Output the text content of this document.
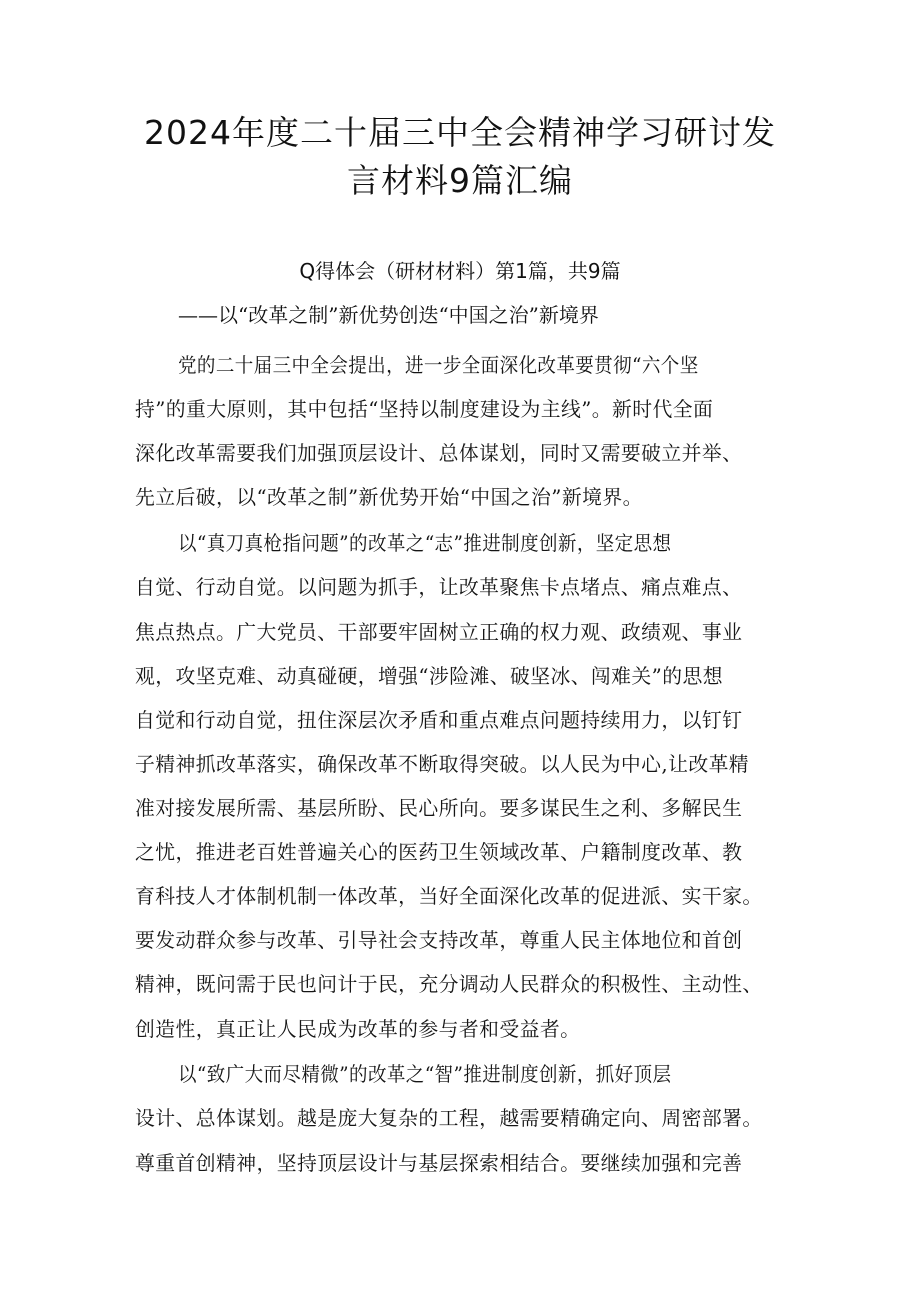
2024年度二十届三中全会精神学习研讨发
言材料9篇汇编
Q得体会（研材材料）第1篇，共9篇
——以“改革之制”新优势创迭“中国之治”新境界
党的二十届三中全会提出，进一步全面深化改革要贯彻“六个坚
持”的重大原则，其中包括“坚持以制度建设为主线”。新时代全面
深化改革需要我们加强顶层设计、总体谋划，同时又需要破立并举、
先立后破，以“改革之制”新优势开始“中国之治”新境界。
以“真刀真枪指问题”的改革之“志”推进制度创新，坚定思想
自觉、行动自觉。以问题为抓手，让改革聚焦卡点堵点、痛点难点、
焦点热点。广大党员、干部要牢固树立正确的权力观、政绩观、事业
观，攻坚克难、动真碰硬，增强“涉险滩、破坚冰、闯难关”的思想
自觉和行动自觉，扭住深层次矛盾和重点难点问题持续用力，以钉钉
子精神抓改革落实，确保改革不断取得突破。以人民为中心,让改革精
准对接发展所需、基层所盼、民心所向。要多谋民生之利、多解民生
之忧，推进老百姓普遍关心的医药卫生领域改革、户籍制度改革、教
育科技人才体制机制一体改革，当好全面深化改革的促进派、实干家。
要发动群众参与改革、引导社会支持改革，尊重人民主体地位和首创
精神，既问需于民也问计于民，充分调动人民群众的积极性、主动性、
创造性，真正让人民成为改革的参与者和受益者。
以“致广大而尽精微”的改革之“智”推进制度创新，抓好顶层
设计、总体谋划。越是庞大复杂的工程，越需要精确定向、周密部署。
尊重首创精神，坚持顶层设计与基层探索相结合。要继续加强和完善
